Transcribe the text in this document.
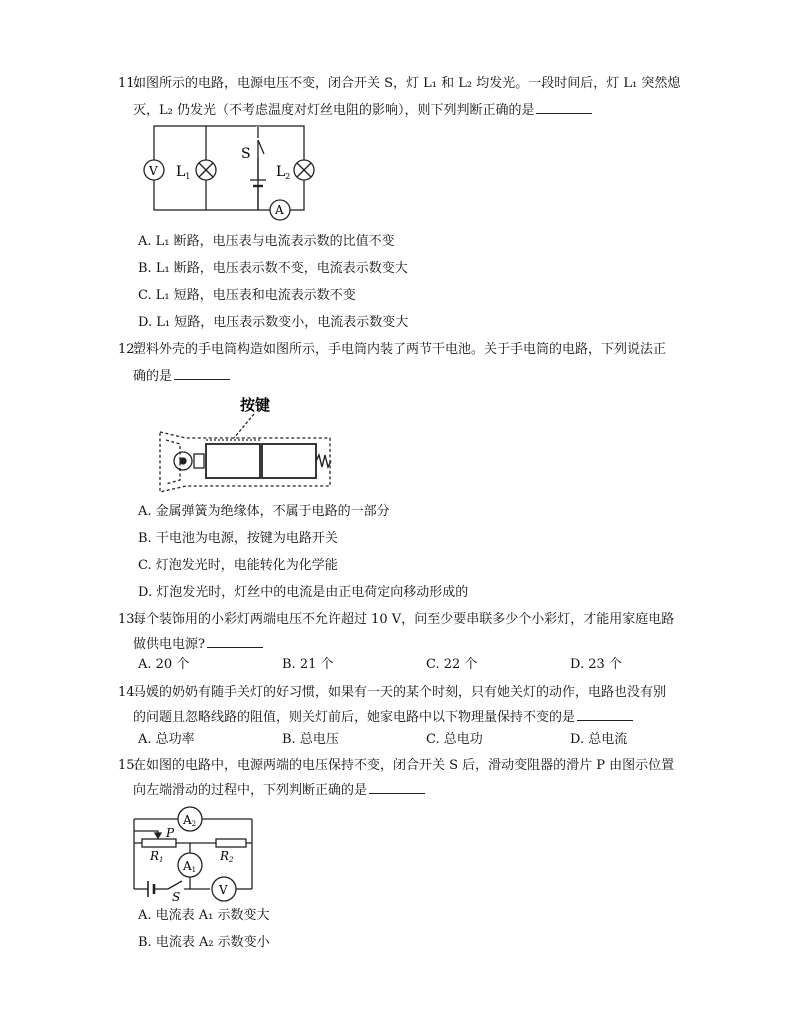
11.
如图所示的电路，电源电压不变，闭合开关 S，灯 L₁ 和 L₂ 均发光。一段时间后，灯 L₁ 突然熄
灭，L₂ 仍发光（不考虑温度对灯丝电阻的影响），则下列判断正确的是
V $L_1$
S
$L_2$
A
A. L₁ 断路，电压表与电流表示数的比值不变
B. L₁ 断路，电压表示数不变，电流表示数变大
C. L₁ 短路，电压表和电流表示数不变
D. L₁ 短路，电压表示数变小，电流表示数变大
12.
塑料外壳的手电筒构造如图所示，手电筒内装了两节干电池。关于手电筒的电路，下列说法正
确的是
按键
A. 金属弹簧为绝缘体，不属于电路的一部分
B. 干电池为电源，按键为电路开关
C. 灯泡发光时，电能转化为化学能
D. 灯泡发光时，灯丝中的电流是由正电荷定向移动形成的
13.
每个装饰用的小彩灯两端电压不允许超过 10 V，问至少要串联多少个小彩灯，才能用家庭电路
做供电电源?
A. 20 个	B. 21 个	C. 22 个	D. 23 个
14.
马媛的奶奶有随手关灯的好习惯，如果有一天的某个时刻，只有她关灯的动作，电路也没有别
的问题且忽略线路的阻值，则关灯前后，她家电路中以下物理量保持不变的是
A. 总功率	B. 总电压	C. 总电功	D. 总电流
15.
在如图的电路中，电源两端的电压保持不变，闭合开关 S 后，滑动变阻器的滑片 P 由图示位置
向左端滑动的过程中，下列判断正确的是
A2
P
R1	R2
A1
S	V
A. 电流表 A₁ 示数变大
B. 电流表 A₂ 示数变小
